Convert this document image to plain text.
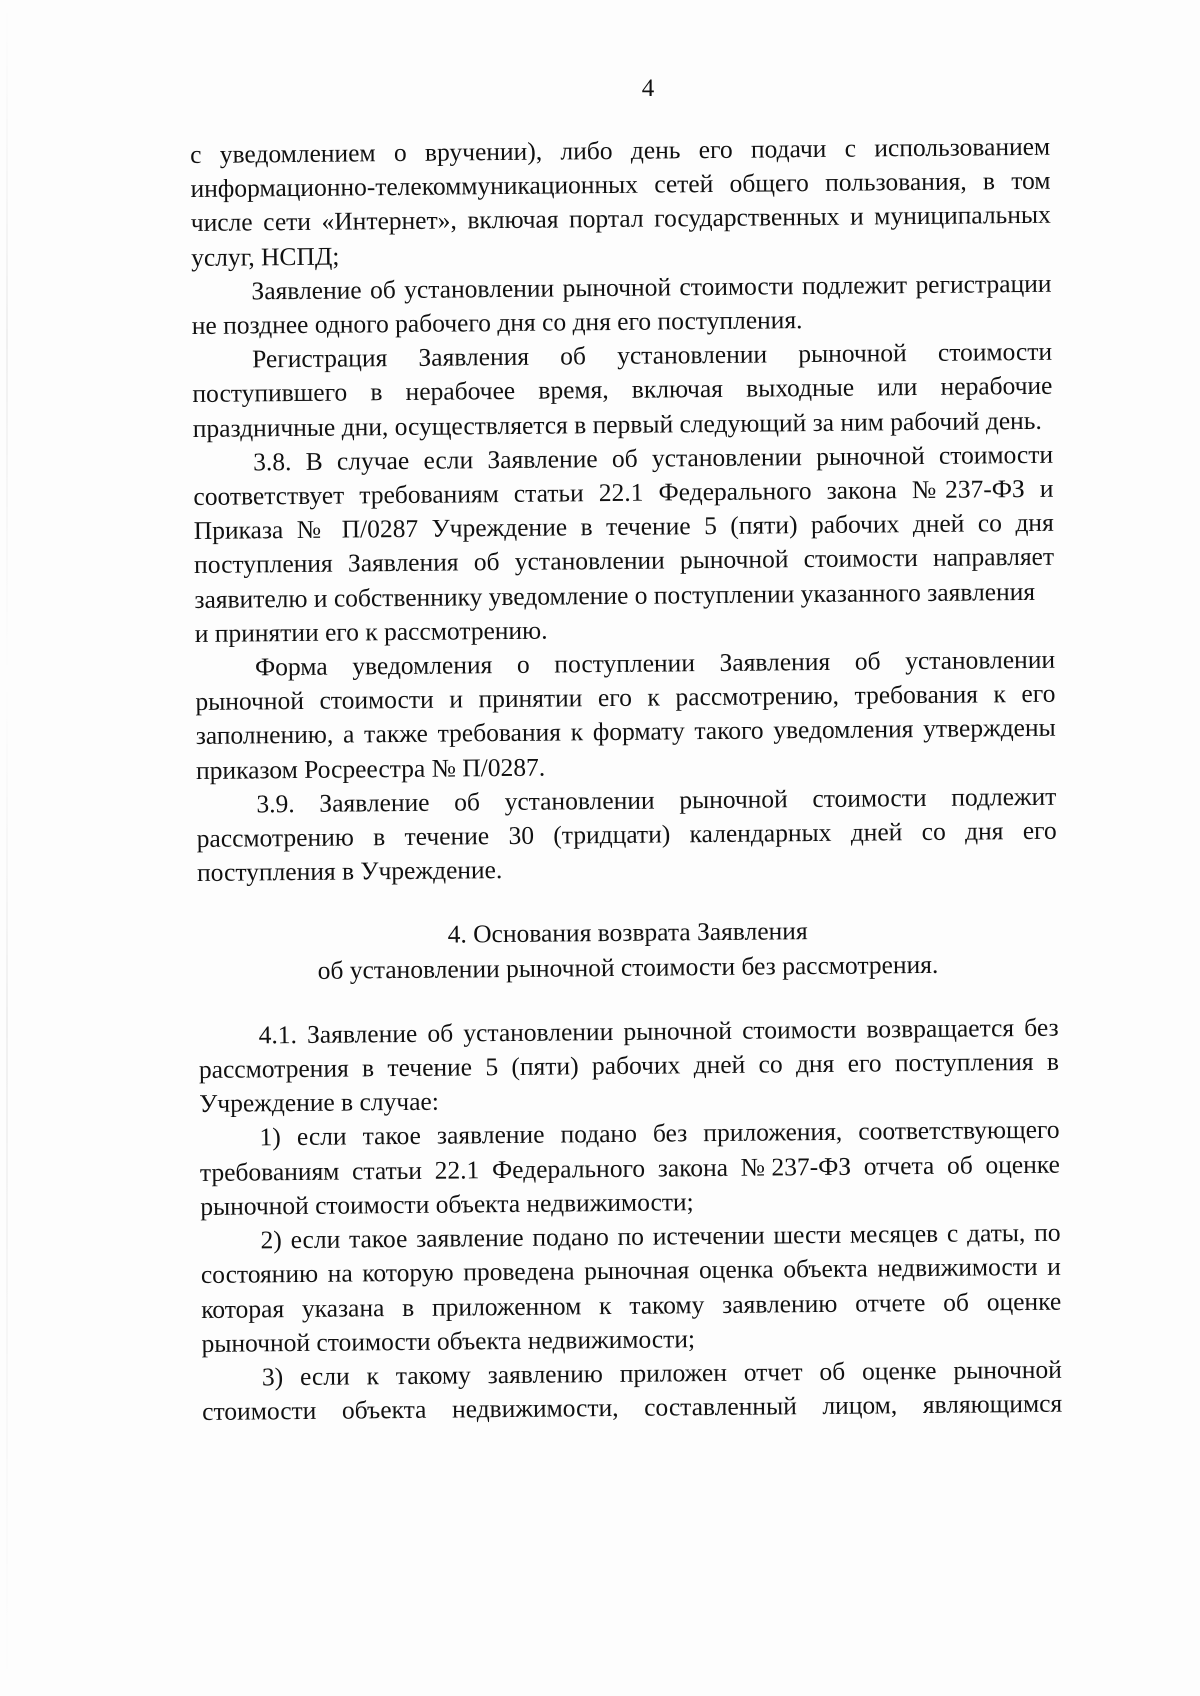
4

с уведомлением о вручении), либо день его подачи с использованием информационно-телекоммуникационных сетей общего пользования, в том числе сети «Интернет», включая портал государственных и муниципальных услуг, НСПД;

Заявление об установлении рыночной стоимости подлежит регистрации не позднее одного рабочего дня со дня его поступления.

Регистрация Заявления об установлении рыночной стоимости поступившего в нерабочее время, включая выходные или нерабочие праздничные дни, осуществляется в первый следующий за ним рабочий день.

3.8. В случае если Заявление об установлении рыночной стоимости соответствует требованиям статьи 22.1 Федерального закона №237-ФЗ и Приказа № П/0287 Учреждение в течение 5 (пяти) рабочих дней со дня поступления Заявления об установлении рыночной стоимости направляет заявителю и собственнику уведомление о поступлении указанного заявления

и принятии его к рассмотрению.

Форма уведомления о поступлении Заявления об установлении рыночной стоимости и принятии его к рассмотрению, требования к его заполнению, а также требования к формату такого уведомления утверждены приказом Росреестра № П/0287.

3.9. Заявление об установлении рыночной стоимости подлежит рассмотрению в течение 30 (тридцати) календарных дней со дня его поступления в Учреждение.

4. Основания возврата Заявления
об установлении рыночной стоимости без рассмотрения.

4.1. Заявление об установлении рыночной стоимости возвращается без рассмотрения в течение 5 (пяти) рабочих дней со дня его поступления в Учреждение в случае:

1) если такое заявление подано без приложения, соответствующего требованиям статьи 22.1 Федерального закона №237-ФЗ отчета об оценке рыночной стоимости объекта недвижимости;

2) если такое заявление подано по истечении шести месяцев с даты, по состоянию на которую проведена рыночная оценка объекта недвижимости и которая указана в приложенном к такому заявлению отчете об оценке рыночной стоимости объекта недвижимости;

3) если к такому заявлению приложен отчет об оценке рыночной стоимости объекта недвижимости, составленный лицом, являющимся
